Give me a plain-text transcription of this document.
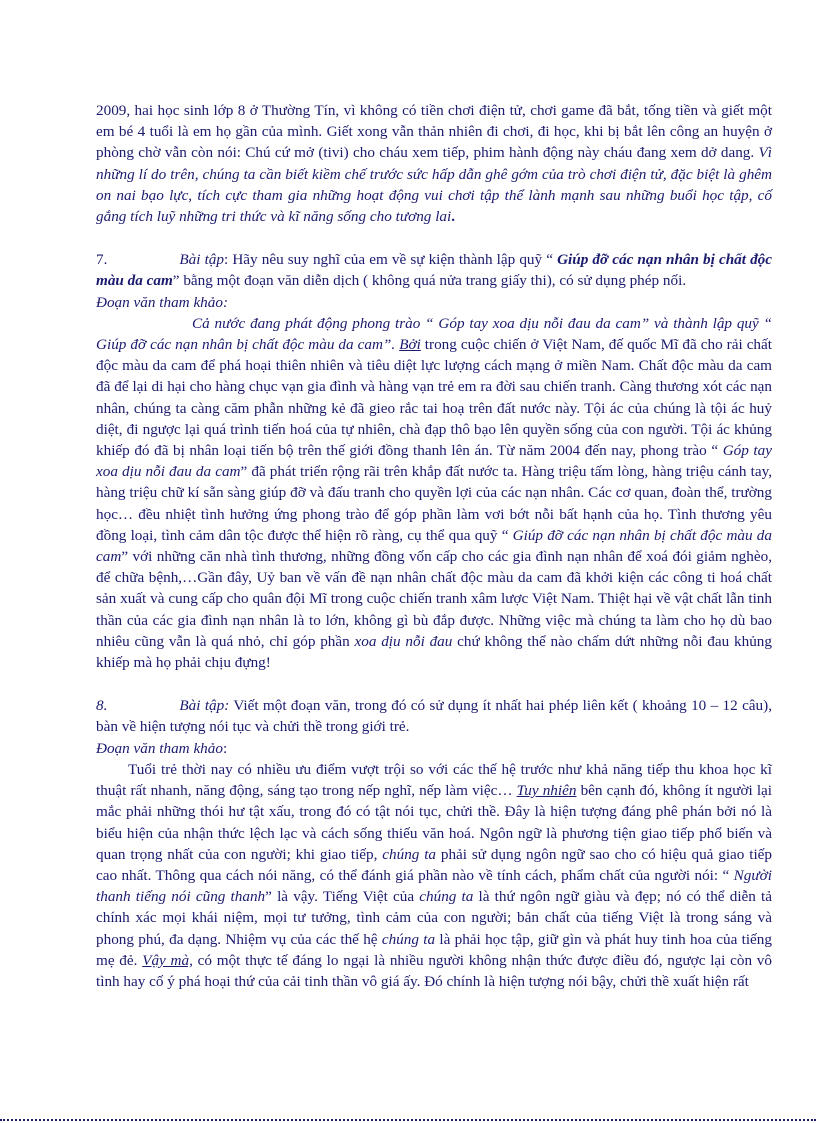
2009, hai học sinh lớp 8 ở Thường Tín, vì không có tiền chơi điện tử, chơi game đã bắt, tống tiền và giết một em bé 4 tuổi là em họ gần của mình. Giết xong vẫn thản nhiên đi chơi, đi học, khi bị bắt lên công an huyện ở phòng chờ vẫn còn nói: Chú cứ mở (tivi) cho cháu xem tiếp, phim hành động này cháu đang xem dở dang. Vì những lí do trên, chúng ta cần biết kiềm chế trước sức hấp dẫn ghê gớm của trò chơi điện tử, đặc biệt là ghêm on nai bạo lực, tích cực tham gia những hoạt động vui chơi tập thể lành mạnh sau những buổi học tập, cố gắng tích luỹ những tri thức và kĩ năng sống cho tương lai.

7.	Bài tập: Hãy nêu suy nghĩ của em về sự kiện thành lập quỹ “ Giúp đỡ các nạn nhân bị chất độc màu da cam” bằng một đoạn văn diễn dịch ( không quá nửa trang giấy thi), có sử dụng phép nối.

Đoạn văn tham khảo:

Cả nước đang phát động phong trào “ Góp tay xoa dịu nỗi đau da cam” và thành lập quỹ “ Giúp đỡ các nạn nhân bị chất độc màu da cam”. Bởi trong cuộc chiến ở Việt Nam, đế quốc Mĩ đã cho rải chất độc màu da cam để phá hoại thiên nhiên và tiêu diệt lực lượng cách mạng ở miền Nam. Chất độc màu da cam đã để lại di hại cho hàng chục vạn gia đình và hàng vạn trẻ em ra đời sau chiến tranh. Càng thương xót các nạn nhân, chúng ta càng căm phẫn những kẻ đã gieo rắc tai hoạ trên đất nước này. Tội ác của chúng là tội ác huỷ diệt, đi ngược lại quá trình tiến hoá của tự nhiên, chà đạp thô bạo lên quyền sống của con người. Tội ác khủng khiếp đó đã bị nhân loại tiến bộ trên thế giới đồng thanh lên án. Từ năm 2004 đến nay, phong trào “ Góp tay xoa dịu nỗi đau da cam” đã phát triển rộng rãi trên khắp đất nước ta. Hàng triệu tấm lòng, hàng triệu cánh tay, hàng triệu chữ kí sẵn sàng giúp đỡ và đấu tranh cho quyền lợi của các nạn nhân. Các cơ quan, đoàn thể, trường học… đều nhiệt tình hưởng ứng phong trào để góp phần làm vơi bớt nỗi bất hạnh của họ. Tình thương yêu đồng loại, tình cảm dân tộc được thể hiện rõ ràng, cụ thể qua quỹ “ Giúp đỡ các nạn nhân bị chất độc màu da cam” với những căn nhà tình thương, những đồng vốn cấp cho các gia đình nạn nhân để xoá đói giảm nghèo, để chữa bệnh,…Gần đây, Uỷ ban về vấn đề nạn nhân chất độc màu da cam đã khởi kiện các công ti hoá chất sản xuất và cung cấp cho quân đội Mĩ trong cuộc chiến tranh xâm lược Việt Nam. Thiệt hại về vật chất lẫn tinh thần của các gia đình nạn nhân là to lớn, không gì bù đắp được. Những việc mà chúng ta làm cho họ dù bao nhiêu cũng vẫn là quá nhỏ, chỉ góp phần xoa dịu nỗi đau chứ không thể nào chấm dứt những nỗi đau khủng khiếp mà họ phải chịu đựng!

8.	Bài tập: Viết một đoạn văn, trong đó có sử dụng ít nhất hai phép liên kết ( khoảng 10 – 12 câu), bàn về hiện tượng nói tục và chửi thề trong giới trẻ.

Đoạn văn tham khảo:

Tuổi trẻ thời nay có nhiều ưu điểm vượt trội so với các thế hệ trước như khả năng tiếp thu khoa học kĩ thuật rất nhanh, năng động, sáng tạo trong nếp nghĩ, nếp làm việc… Tuy nhiên bên cạnh đó, không ít người lại mắc phải những thói hư tật xấu, trong đó có tật nói tục, chửi thề. Đây là hiện tượng đáng phê phán bởi nó là biểu hiện của nhận thức lệch lạc và cách sống thiếu văn hoá. Ngôn ngữ là phương tiện giao tiếp phổ biến và quan trọng nhất của con người; khi giao tiếp, chúng ta phải sử dụng ngôn ngữ sao cho có hiệu quả giao tiếp cao nhất. Thông qua cách nói năng, có thể đánh giá phần nào về tính cách, phẩm chất của người nói: “ Người thanh tiếng nói cũng thanh” là vậy. Tiếng Việt của chúng ta là thứ ngôn ngữ giàu và đẹp; nó có thể diễn tả chính xác mọi khái niệm, mọi tư tưởng, tình cảm của con người; bản chất của tiếng Việt là trong sáng và phong phú, đa dạng. Nhiệm vụ của các thế hệ chúng ta là phải học tập, giữ gìn và phát huy tinh hoa của tiếng mẹ đẻ. Vậy mà, có một thực tế đáng lo ngại là nhiều người không nhận thức được điều đó, ngược lại còn vô tình hay cố ý phá hoại thứ của cải tinh thần vô giá ấy. Đó chính là hiện tượng nói bậy, chửi thề xuất hiện rất
